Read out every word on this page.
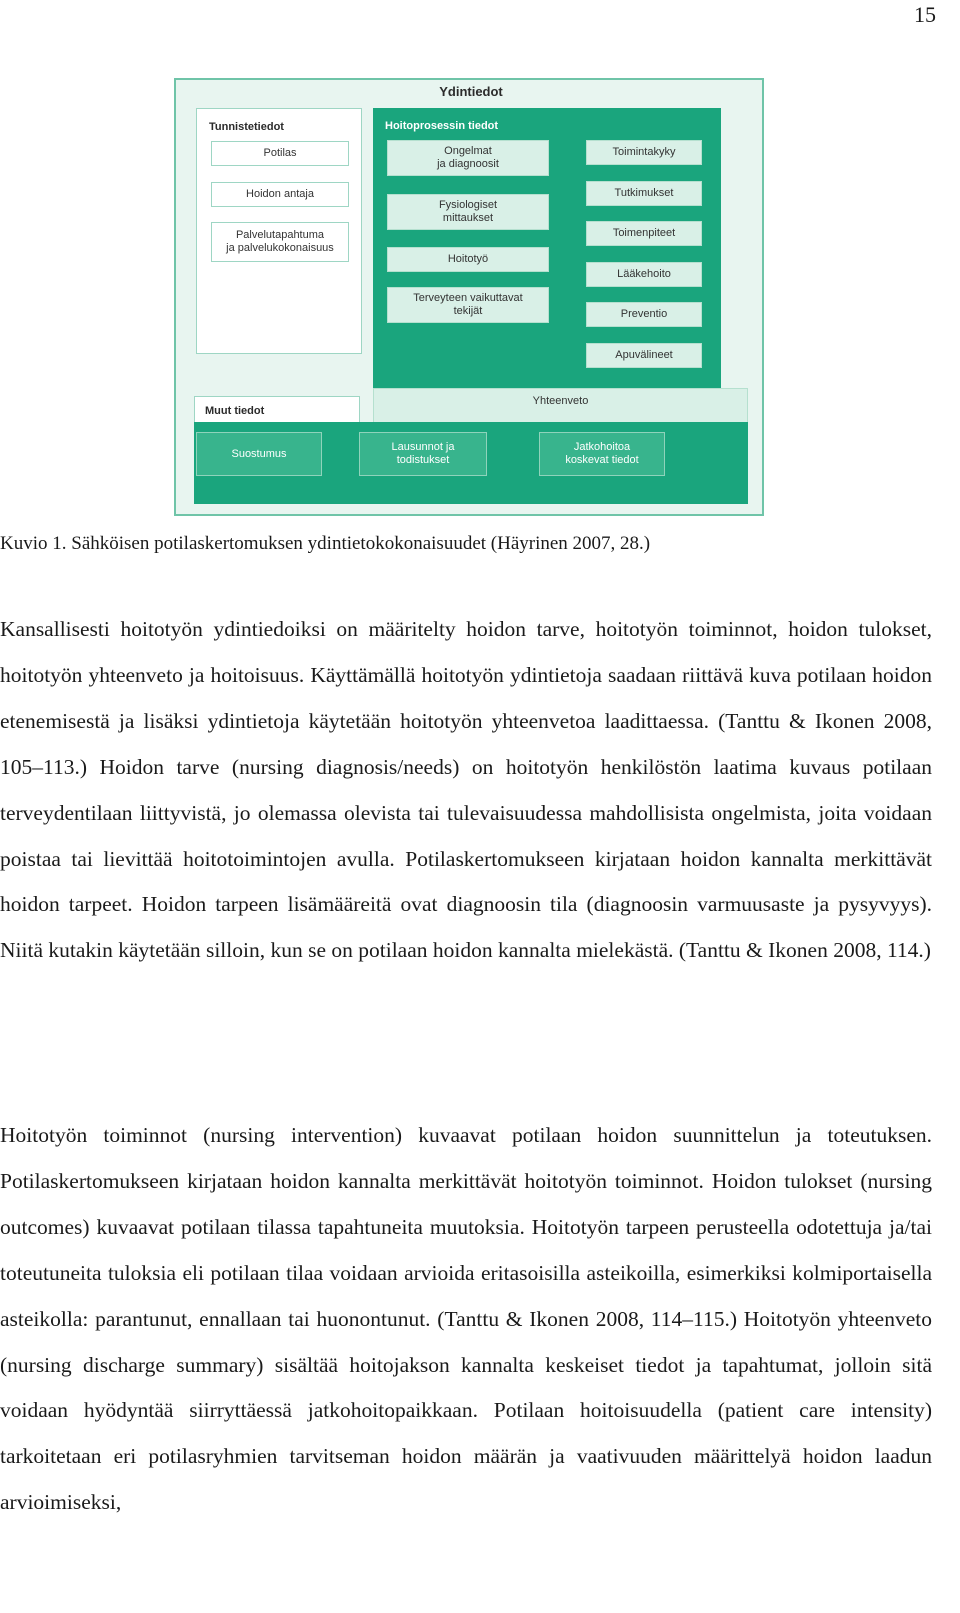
15
Ydintiedot
Tunnistetiedot
Potilas
Hoidon antaja
Palvelutapahtuma
ja palvelukokonaisuus
Hoitoprosessin tiedot
Ongelmat
ja diagnoosit
Fysiologiset
mittaukset
Hoitotyö
Terveyteen vaikuttavat
tekijät
Toimintakyky
Tutkimukset
Toimenpiteet
Lääkehoito
Preventio
Apuvälineet
Yhteenveto
Muut tiedot
Suostumus
Lausunnot ja
todistukset
Jatkohoitoa
koskevat tiedot
Kuvio 1. Sähköisen potilaskertomuksen ydintietokokonaisuudet (Häyrinen 2007, 28.)

Kansallisesti hoitotyön ydintiedoiksi on määritelty hoidon tarve, hoitotyön toiminnot, hoidon tulokset, hoitotyön yhteenveto ja hoitoisuus. Käyttämällä hoitotyön ydintietoja saadaan riittävä kuva potilaan hoidon etenemisestä ja lisäksi ydintietoja käytetään hoitotyön yhteenvetoa laadittaessa. (Tanttu & Ikonen 2008, 105–113.) Hoidon tarve (nursing diagnosis/needs) on hoitotyön henkilöstön laatima kuvaus potilaan terveydentilaan liittyvistä, jo olemassa olevista tai tulevaisuudessa mahdollisista ongelmista, joita voidaan poistaa tai lievittää hoitotoimintojen avulla. Potilaskertomukseen kirjataan hoidon kannalta merkittävät hoidon tarpeet. Hoidon tarpeen lisämääreitä ovat diagnoosin tila (diagnoosin varmuusaste ja pysyvyys). Niitä kutakin käytetään silloin, kun se on potilaan hoidon kannalta mielekästä. (Tanttu & Ikonen 2008, 114.)

Hoitotyön toiminnot (nursing intervention) kuvaavat potilaan hoidon suunnittelun ja toteutuksen. Potilaskertomukseen kirjataan hoidon kannalta merkittävät hoitotyön toiminnot. Hoidon tulokset (nursing outcomes) kuvaavat potilaan tilassa tapahtuneita muutoksia. Hoitotyön tarpeen perusteella odotettuja ja/tai toteutuneita tuloksia eli potilaan tilaa voidaan arvioida eritasoisilla asteikoilla, esimerkiksi kolmiportaisella asteikolla: parantunut, ennallaan tai huonontunut. (Tanttu & Ikonen 2008, 114–115.) Hoitotyön yhteenveto (nursing discharge summary) sisältää hoitojakson kannalta keskeiset tiedot ja tapahtumat, jolloin sitä voidaan hyödyntää siirryttäessä jatkohoitopaikkaan. Potilaan hoitoisuudella (patient care intensity) tarkoitetaan eri potilasryhmien tarvitseman hoidon määrän ja vaativuuden määrittelyä hoidon laadun arvioimiseksi,
